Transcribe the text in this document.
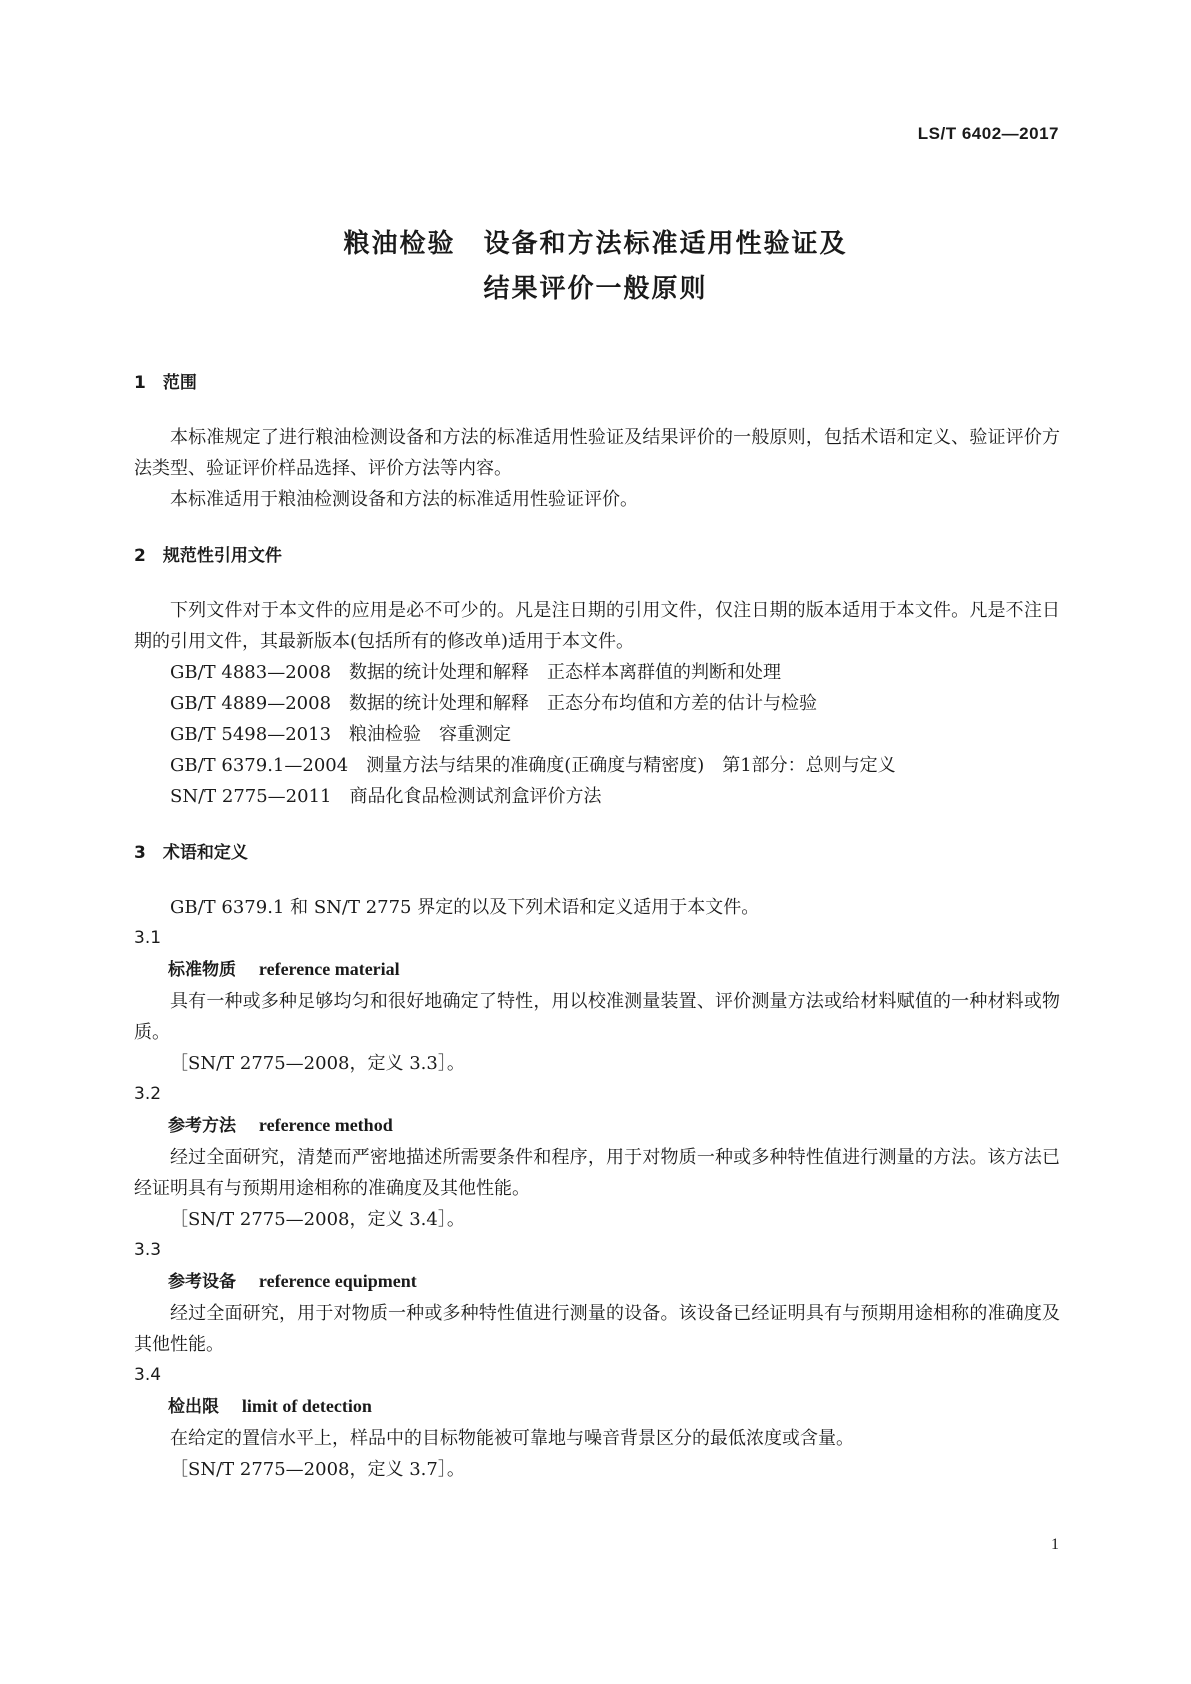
LS/T 6402—2017
粮油检验　设备和方法标准适用性验证及
结果评价一般原则
1　范围
本标准规定了进行粮油检测设备和方法的标准适用性验证及结果评价的一般原则，包括术语和定义、验证评价方法类型、验证评价样品选择、评价方法等内容。
本标准适用于粮油检测设备和方法的标准适用性验证评价。
2　规范性引用文件
下列文件对于本文件的应用是必不可少的。凡是注日期的引用文件，仅注日期的版本适用于本文件。凡是不注日期的引用文件，其最新版本(包括所有的修改单)适用于本文件。
GB/T 4883—2008　数据的统计处理和解释　正态样本离群值的判断和处理
GB/T 4889—2008　数据的统计处理和解释　正态分布均值和方差的估计与检验
GB/T 5498—2013　粮油检验　容重测定
GB/T 6379.1—2004　测量方法与结果的准确度(正确度与精密度)　第1部分：总则与定义
SN/T 2775—2011　商品化食品检测试剂盒评价方法
3　术语和定义
GB/T 6379.1 和 SN/T 2775 界定的以及下列术语和定义适用于本文件。
3.1
标准物质　 reference material
具有一种或多种足够均匀和很好地确定了特性，用以校准测量装置、评价测量方法或给材料赋值的一种材料或物质。
［SN/T 2775—2008，定义 3.3］。
3.2
参考方法　 reference method
经过全面研究，清楚而严密地描述所需要条件和程序，用于对物质一种或多种特性值进行测量的方法。该方法已经证明具有与预期用途相称的准确度及其他性能。
［SN/T 2775—2008，定义 3.4］。
3.3
参考设备　 reference equipment
经过全面研究，用于对物质一种或多种特性值进行测量的设备。该设备已经证明具有与预期用途相称的准确度及其他性能。
3.4
检出限　 limit of detection
在给定的置信水平上，样品中的目标物能被可靠地与噪音背景区分的最低浓度或含量。
［SN/T 2775—2008，定义 3.7］。
1
